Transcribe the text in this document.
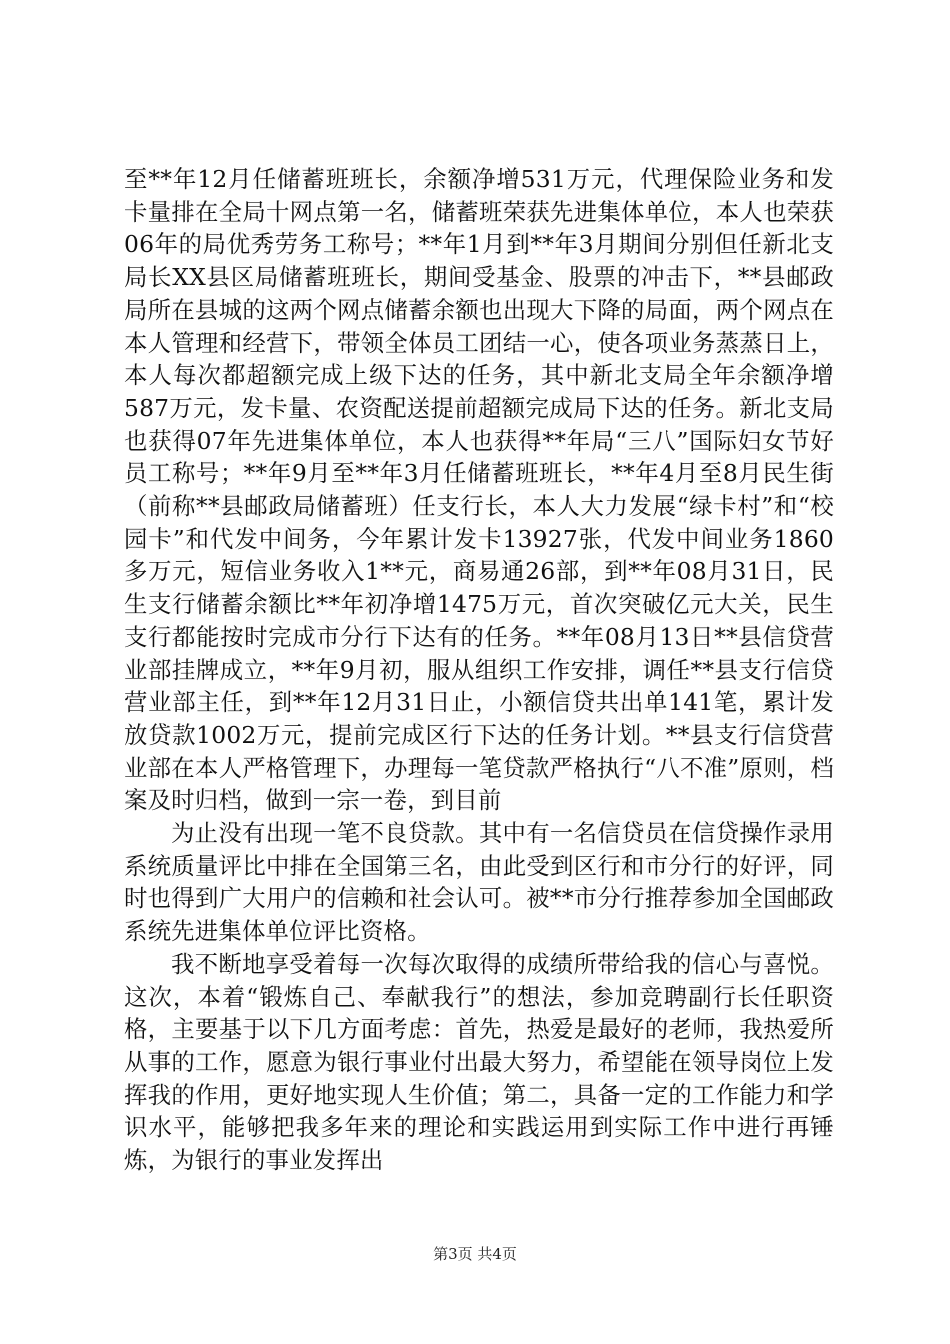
至**年12月任储蓄班班长，余额净增531万元，代理保险业务和发卡量排在全局十网点第一名，储蓄班荣获先进集体单位，本人也荣获06年的局优秀劳务工称号；**年1月到**年3月期间分别但任新北支局长XX县区局储蓄班班长，期间受基金、股票的冲击下，**县邮政局所在县城的这两个网点储蓄余额也出现大下降的局面，两个网点在本人管理和经营下，带领全体员工团结一心，使各项业务蒸蒸日上，本人每次都超额完成上级下达的任务，其中新北支局全年余额净增587万元，发卡量、农资配送提前超额完成局下达的任务。新北支局也获得07年先进集体单位，本人也获得**年局“三八”国际妇女节好员工称号；**年9月至**年3月任储蓄班班长，**年4月至8月民生街（前称**县邮政局储蓄班）任支行长，本人大力发展“绿卡村”和“校园卡”和代发中间务，今年累计发卡13927张，代发中间业务1860多万元，短信业务收入1**元，商易通26部，到**年08月31日，民生支行储蓄余额比**年初净增1475万元，首次突破亿元大关，民生支行都能按时完成市分行下达有的任务。**年08月13日**县信贷营业部挂牌成立，**年9月初，服从组织工作安排，调任**县支行信贷营业部主任，到**年12月31日止，小额信贷共出单141笔，累计发放贷款1002万元，提前完成区行下达的任务计划。**县支行信贷营业部在本人严格管理下，办理每一笔贷款严格执行“八不准”原则，档案及时归档，做到一宗一卷，到目前

为止没有出现一笔不良贷款。其中有一名信贷员在信贷操作录用系统质量评比中排在全国第三名，由此受到区行和市分行的好评，同时也得到广大用户的信赖和社会认可。被**市分行推荐参加全国邮政系统先进集体单位评比资格。

我不断地享受着每一次每次取得的成绩所带给我的信心与喜悦。这次，本着“锻炼自己、奉献我行”的想法，参加竞聘副行长任职资格，主要基于以下几方面考虑：首先，热爱是最好的老师，我热爱所从事的工作，愿意为银行事业付出最大努力，希望能在领导岗位上发挥我的作用，更好地实现人生价值；第二，具备一定的工作能力和学识水平，能够把我多年来的理论和实践运用到实际工作中进行再锤炼，为银行的事业发挥出

第3页 共4页
